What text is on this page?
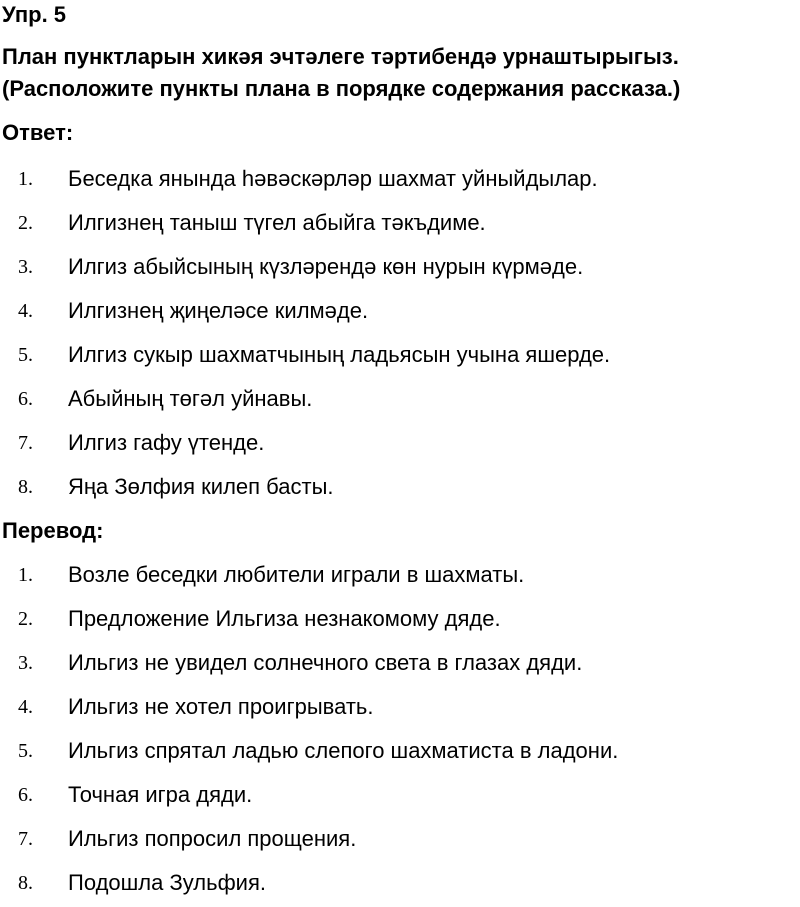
Упр. 5
План пунктларын хикәя эчтәлеге тәртибендә урнаштырыгыз.
(Расположите пункты плана в порядке содержания рассказа.)
Ответ:
1.	Беседка янында һәвәскәрләр шахмат уйныйдылар.
2.	Илгизнең таныш түгел абыйга тәкъдиме.
3.	Илгиз абыйсының күзләрендә көн нурын күрмәде.
4.	Илгизнең җиңеләсе килмәде.
5.	Илгиз сукыр шахматчының ладьясын учына яшерде.
6.	Абыйның төгәл уйнавы.
7.	Илгиз гафу үтенде.
8.	Яңа Зөлфия килеп басты.
Перевод:
1.	Возле беседки любители играли в шахматы.
2.	Предложение Ильгиза незнакомому дяде.
3.	Ильгиз не увидел солнечного света в глазах дяди.
4.	Ильгиз не хотел проигрывать.
5.	Ильгиз спрятал ладью слепого шахматиста в ладони.
6.	Точная игра дяди.
7.	Ильгиз попросил прощения.
8.	Подошла Зульфия.
